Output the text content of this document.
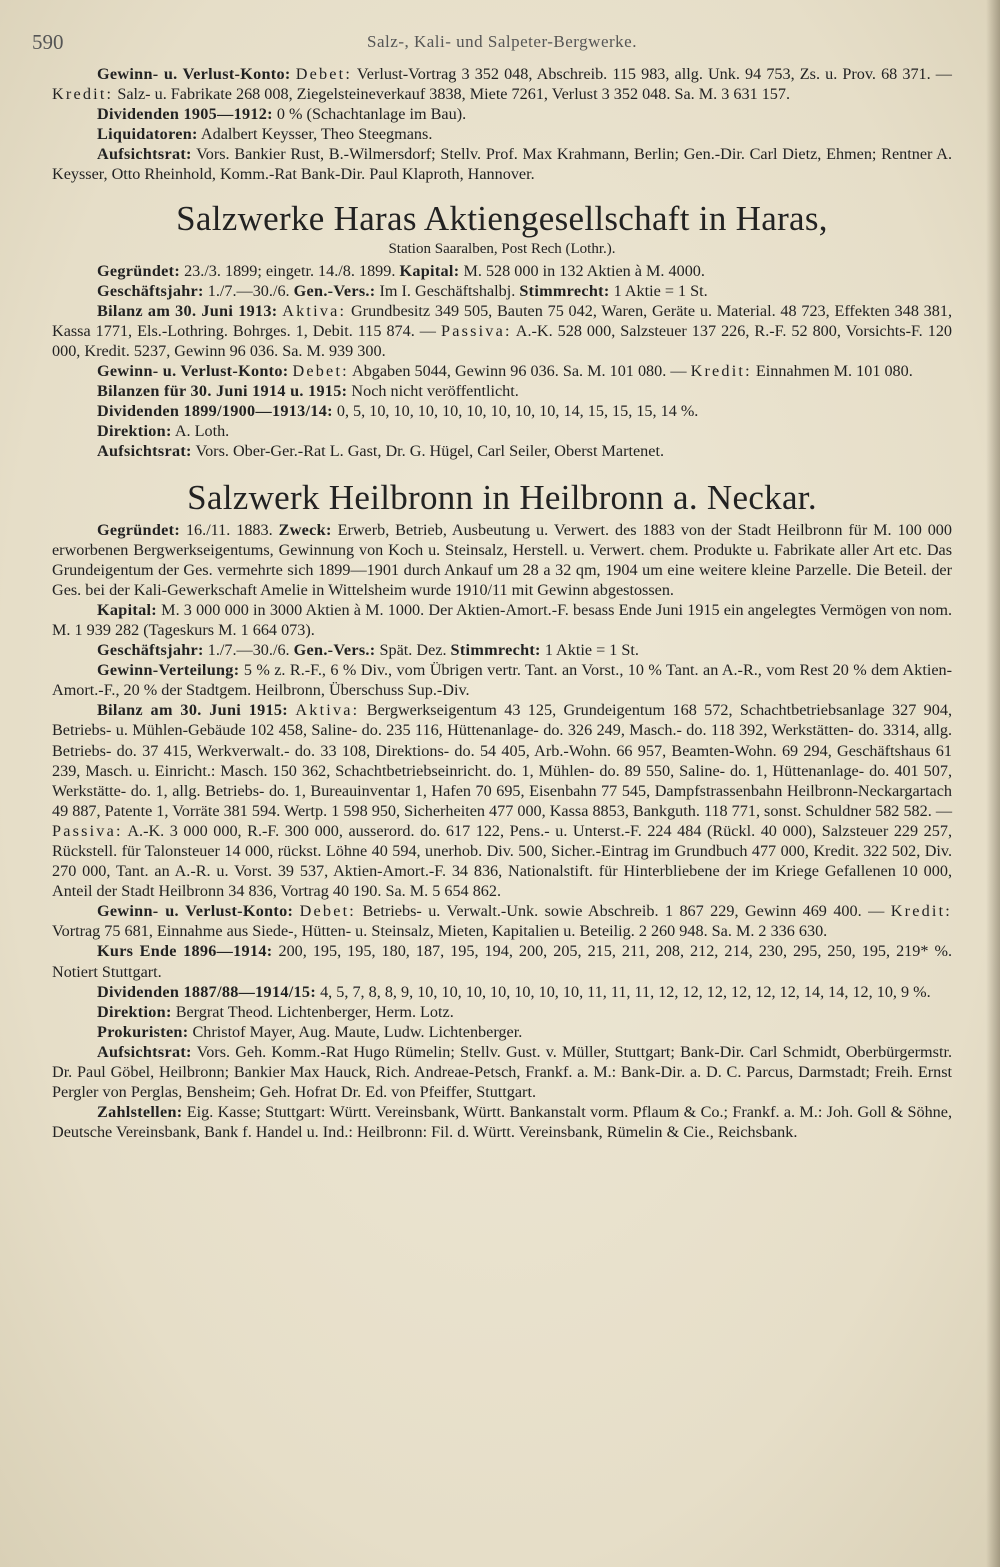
590	Salz-, Kali- und Salpeter-Bergwerke.

Gewinn- u. Verlust-Konto: Debet: Verlust-Vortrag 3 352 048, Abschreib. 115 983, allg. Unk. 94 753, Zs. u. Prov. 68 371. — Kredit: Salz- u. Fabrikate 268 008, Ziegelsteineverkauf 3838, Miete 7261, Verlust 3 352 048. Sa. M. 3 631 157.

Dividenden 1905—1912: 0 % (Schachtanlage im Bau).

Liquidatoren: Adalbert Keysser, Theo Steegmans.

Aufsichtsrat: Vors. Bankier Rust, B.-Wilmersdorf; Stellv. Prof. Max Krahmann, Berlin; Gen.-Dir. Carl Dietz, Ehmen; Rentner A. Keysser, Otto Rheinhold, Komm.-Rat Bank-Dir. Paul Klaproth, Hannover.

Salzwerke Haras Aktiengesellschaft in Haras,
Station Saaralben, Post Rech (Lothr.).

Gegründet: 23./3. 1899; eingetr. 14./8. 1899. Kapital: M. 528 000 in 132 Aktien à M. 4000.

Geschäftsjahr: 1./7.—30./6. Gen.-Vers.: Im I. Geschäftshalbj. Stimmrecht: 1 Aktie = 1 St.

Bilanz am 30. Juni 1913: Aktiva: Grundbesitz 349 505, Bauten 75 042, Waren, Geräte u. Material. 48 723, Effekten 348 381, Kassa 1771, Els.-Lothring. Bohrges. 1, Debit. 115 874. — Passiva: A.-K. 528 000, Salzsteuer 137 226, R.-F. 52 800, Vorsichts-F. 120 000, Kredit. 5237, Gewinn 96 036. Sa. M. 939 300.

Gewinn- u. Verlust-Konto: Debet: Abgaben 5044, Gewinn 96 036. Sa. M. 101 080. — Kredit: Einnahmen M. 101 080.

Bilanzen für 30. Juni 1914 u. 1915: Noch nicht veröffentlicht.

Dividenden 1899/1900—1913/14: 0, 5, 10, 10, 10, 10, 10, 10, 10, 10, 14, 15, 15, 15, 14 %.

Direktion: A. Loth.

Aufsichtsrat: Vors. Ober-Ger.-Rat L. Gast, Dr. G. Hügel, Carl Seiler, Oberst Martenet.

Salzwerk Heilbronn in Heilbronn a. Neckar.

Gegründet: 16./11. 1883. Zweck: Erwerb, Betrieb, Ausbeutung u. Verwert. des 1883 von der Stadt Heilbronn für M. 100 000 erworbenen Bergwerkseigentums, Gewinnung von Koch u. Steinsalz, Herstell. u. Verwert. chem. Produkte u. Fabrikate aller Art etc. Das Grundeigentum der Ges. vermehrte sich 1899—1901 durch Ankauf um 28 a 32 qm, 1904 um eine weitere kleine Parzelle. Die Beteil. der Ges. bei der Kali-Gewerkschaft Amelie in Wittelsheim wurde 1910/11 mit Gewinn abgestossen.

Kapital: M. 3 000 000 in 3000 Aktien à M. 1000. Der Aktien-Amort.-F. besass Ende Juni 1915 ein angelegtes Vermögen von nom. M. 1 939 282 (Tageskurs M. 1 664 073).

Geschäftsjahr: 1./7.—30./6. Gen.-Vers.: Spät. Dez. Stimmrecht: 1 Aktie = 1 St.

Gewinn-Verteilung: 5 % z. R.-F., 6 % Div., vom Übrigen vertr. Tant. an Vorst., 10 % Tant. an A.-R., vom Rest 20 % dem Aktien-Amort.-F., 20 % der Stadtgem. Heilbronn, Überschuss Sup.-Div.

Bilanz am 30. Juni 1915: Aktiva: Bergwerkseigentum 43 125, Grundeigentum 168 572, Schachtbetriebsanlage 327 904, Betriebs- u. Mühlen-Gebäude 102 458, Saline- do. 235 116, Hüttenanlage- do. 326 249, Masch.- do. 118 392, Werkstätten- do. 3314, allg. Betriebs- do. 37 415, Werkverwalt.- do. 33 108, Direktions- do. 54 405, Arb.-Wohn. 66 957, Beamten-Wohn. 69 294, Geschäftshaus 61 239, Masch. u. Einricht.: Masch. 150 362, Schachtbetriebseinricht. do. 1, Mühlen- do. 89 550, Saline- do. 1, Hüttenanlage- do. 401 507, Werkstätte- do. 1, allg. Betriebs- do. 1, Bureauinventar 1, Hafen 70 695, Eisenbahn 77 545, Dampfstrassenbahn Heilbronn-Neckargartach 49 887, Patente 1, Vorräte 381 594. Wertp. 1 598 950, Sicherheiten 477 000, Kassa 8853, Bankguth. 118 771, sonst. Schuldner 582 582. — Passiva: A.-K. 3 000 000, R.-F. 300 000, ausserord. do. 617 122, Pens.- u. Unterst.-F. 224 484 (Rückl. 40 000), Salzsteuer 229 257, Rückstell. für Talonsteuer 14 000, rückst. Löhne 40 594, unerhob. Div. 500, Sicher.-Eintrag im Grundbuch 477 000, Kredit. 322 502, Div. 270 000, Tant. an A.-R. u. Vorst. 39 537, Aktien-Amort.-F. 34 836, Nationalstift. für Hinterbliebene der im Kriege Gefallenen 10 000, Anteil der Stadt Heilbronn 34 836, Vortrag 40 190. Sa. M. 5 654 862.

Gewinn- u. Verlust-Konto: Debet: Betriebs- u. Verwalt.-Unk. sowie Abschreib. 1 867 229, Gewinn 469 400. — Kredit: Vortrag 75 681, Einnahme aus Siede-, Hütten- u. Steinsalz, Mieten, Kapitalien u. Beteilig. 2 260 948. Sa. M. 2 336 630.

Kurs Ende 1896—1914: 200, 195, 195, 180, 187, 195, 194, 200, 205, 215, 211, 208, 212, 214, 230, 295, 250, 195, 219* %. Notiert Stuttgart.

Dividenden 1887/88—1914/15: 4, 5, 7, 8, 8, 9, 10, 10, 10, 10, 10, 10, 10, 11, 11, 11, 12, 12, 12, 12, 12, 12, 14, 14, 12, 10, 9 %.

Direktion: Bergrat Theod. Lichtenberger, Herm. Lotz.

Prokuristen: Christof Mayer, Aug. Maute, Ludw. Lichtenberger.

Aufsichtsrat: Vors. Geh. Komm.-Rat Hugo Rümelin; Stellv. Gust. v. Müller, Stuttgart; Bank-Dir. Carl Schmidt, Oberbürgermstr. Dr. Paul Göbel, Heilbronn; Bankier Max Hauck, Rich. Andreae-Petsch, Frankf. a. M.: Bank-Dir. a. D. C. Parcus, Darmstadt; Freih. Ernst Pergler von Perglas, Bensheim; Geh. Hofrat Dr. Ed. von Pfeiffer, Stuttgart.

Zahlstellen: Eig. Kasse; Stuttgart: Württ. Vereinsbank, Württ. Bankanstalt vorm. Pflaum & Co.; Frankf. a. M.: Joh. Goll & Söhne, Deutsche Vereinsbank, Bank f. Handel u. Ind.: Heilbronn: Fil. d. Württ. Vereinsbank, Rümelin & Cie., Reichsbank.
